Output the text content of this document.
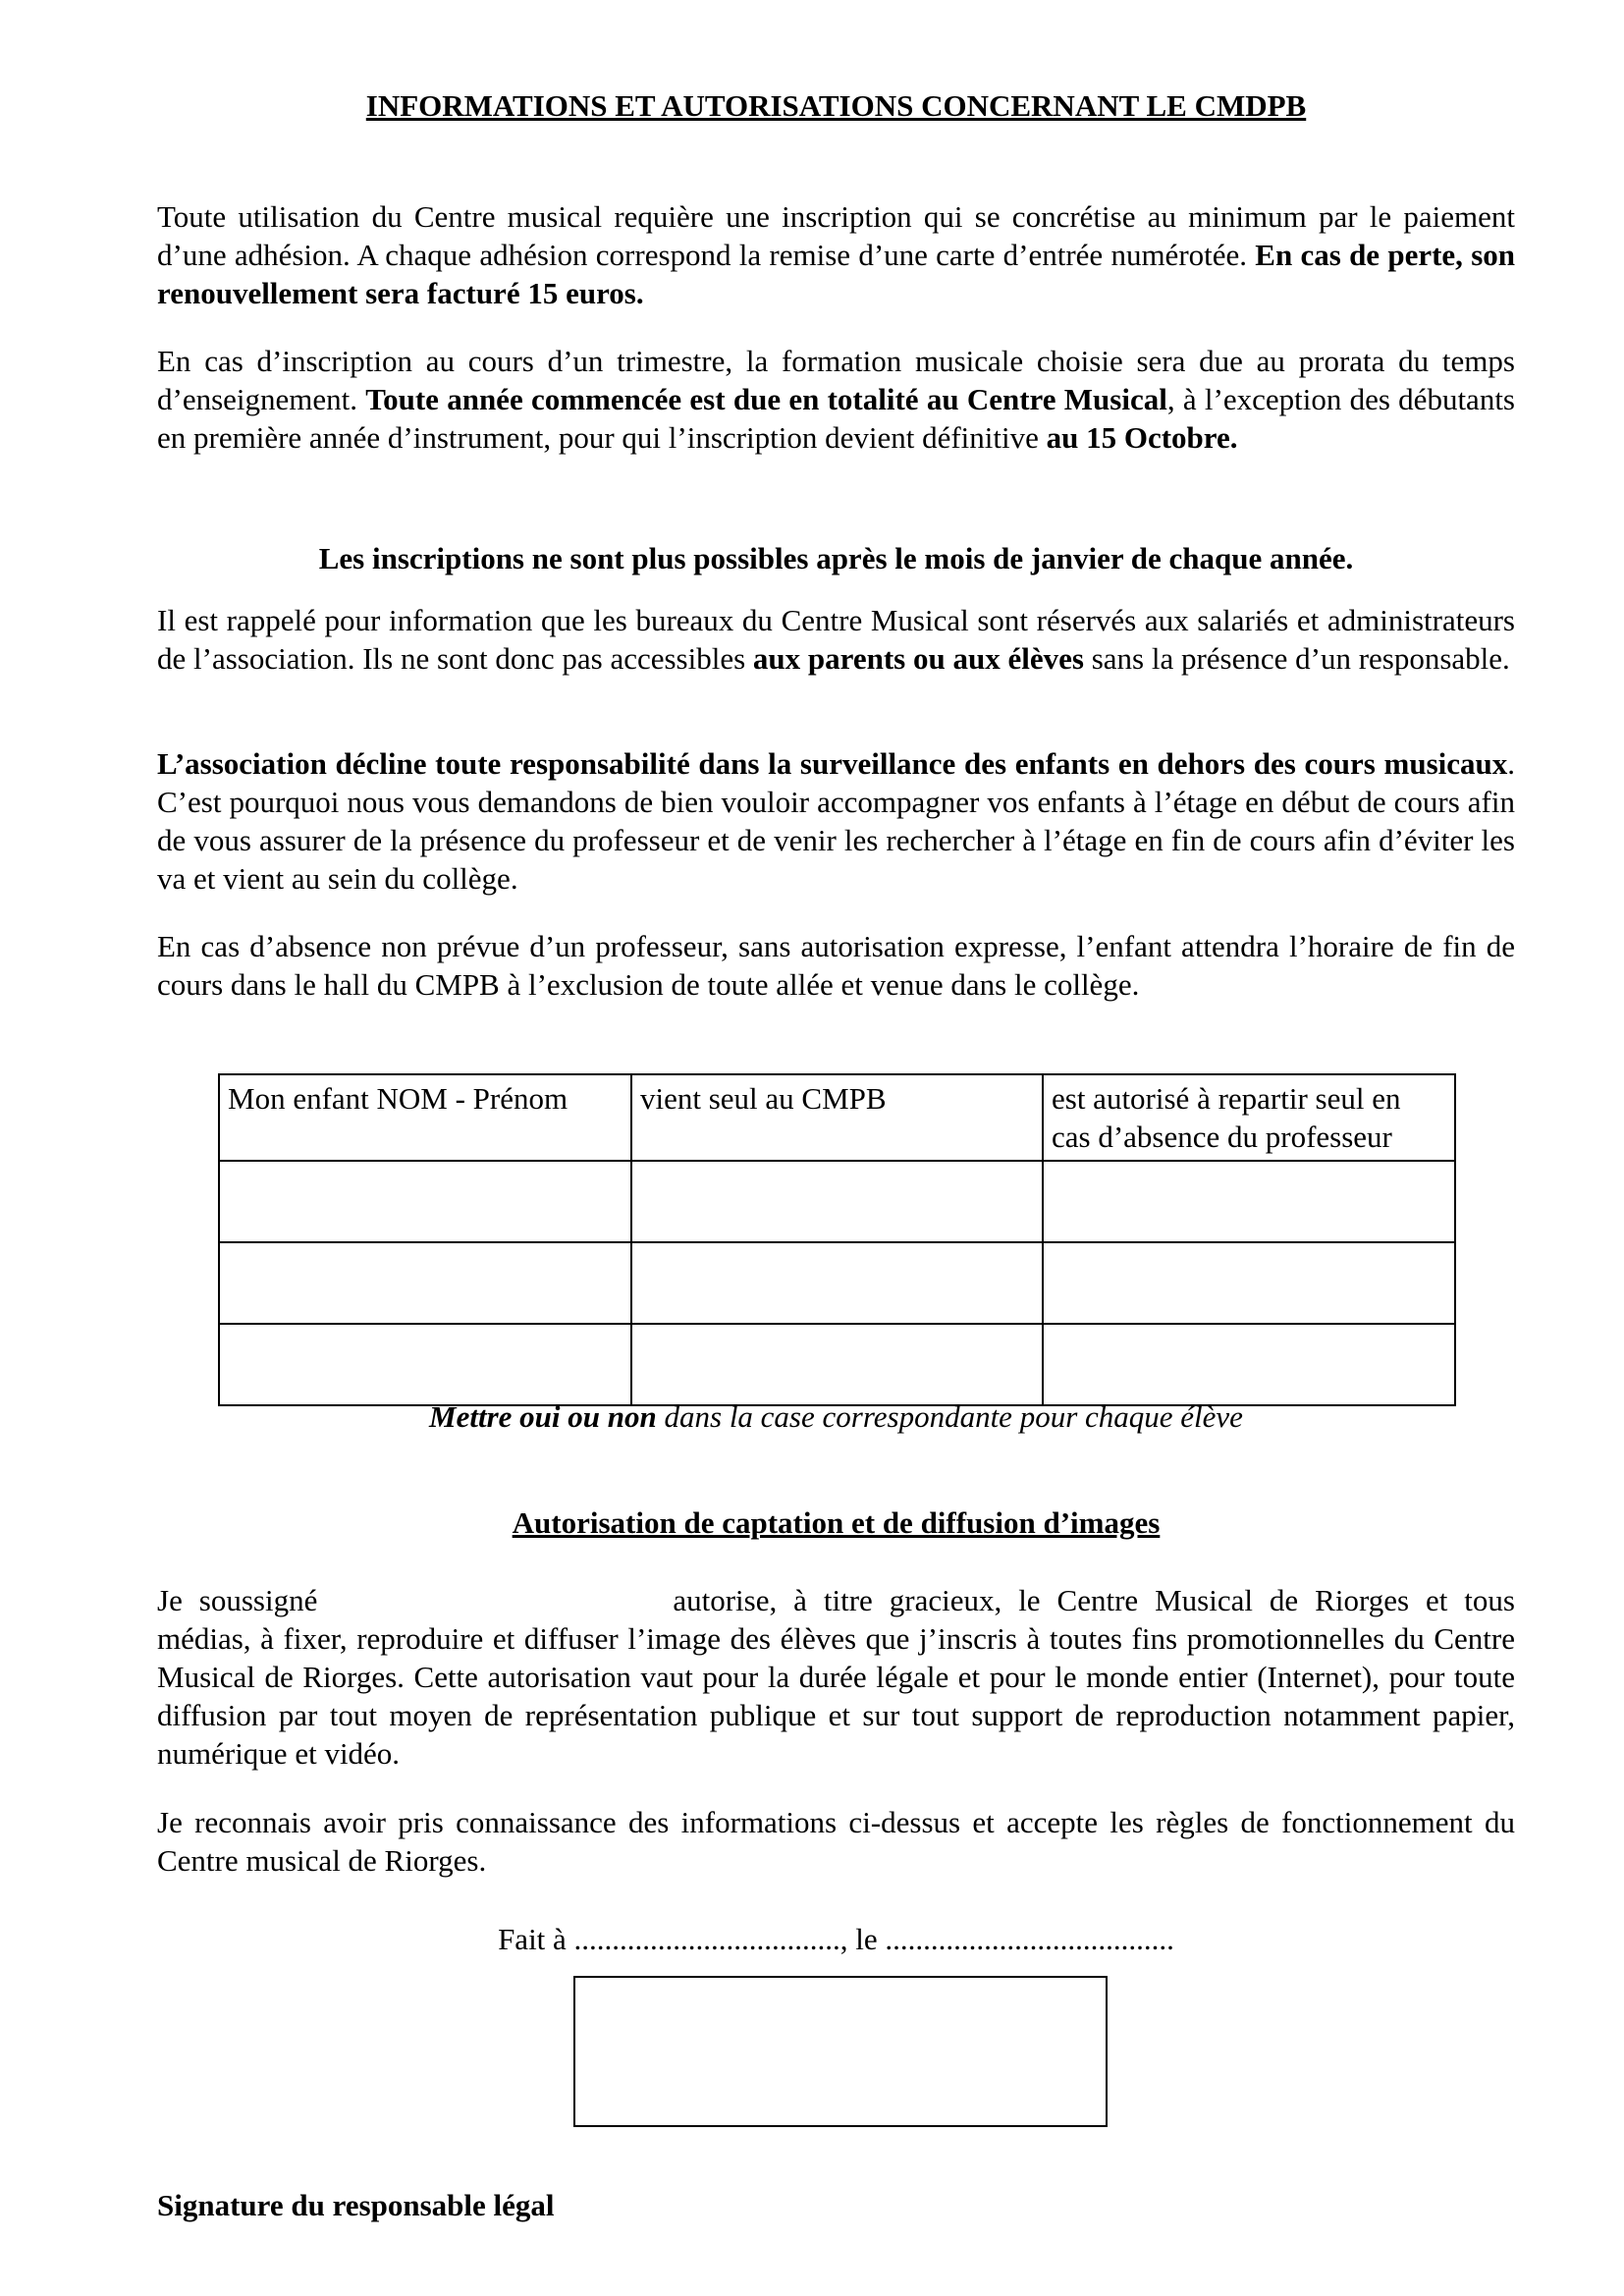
INFORMATIONS ET AUTORISATIONS CONCERNANT LE CMDPB

Toute utilisation du Centre musical requière une inscription qui se concrétise au minimum par le paiement d’une adhésion. A chaque adhésion correspond la remise d’une carte d’entrée numérotée. En cas de perte, son renouvellement sera facturé 15 euros.

En cas d’inscription au cours d’un trimestre, la formation musicale choisie sera due au prorata du temps d’enseignement. Toute année commencée est due en totalité au Centre Musical, à l’exception des débutants en première année d’instrument, pour qui l’inscription devient définitive au 15 Octobre.

Les inscriptions ne sont plus possibles après le mois de janvier de chaque année.

Il est rappelé pour information que les bureaux du Centre Musical sont réservés aux salariés et administrateurs de l’association. Ils ne sont donc pas accessibles aux parents ou aux élèves sans la présence d’un responsable.

L’association décline toute responsabilité dans la surveillance des enfants en dehors des cours musicaux. C’est pourquoi nous vous demandons de bien vouloir accompagner vos enfants à l’étage en début de cours afin de vous assurer de la présence du professeur et de venir les rechercher à l’étage en fin de cours afin d’éviter les va et vient au sein du collège.

En cas d’absence non prévue d’un professeur, sans autorisation expresse, l’enfant attendra l’horaire de fin de cours dans le hall du CMPB à l’exclusion de toute allée et venue dans le collège.

Mon enfant NOM - Prénom	vient seul au CMPB	est autorisé à repartir seul en cas d’absence du professeur

Mettre oui ou non dans la case correspondante pour chaque élève
Autorisation de captation et de diffusion d’images

Je soussigné	autorise, à titre gracieux, le Centre Musical de Riorges et tous médias, à fixer, reproduire et diffuser l’image des élèves que j’inscris à toutes fins promotionnelles du Centre Musical de Riorges. Cette autorisation vaut pour la durée légale et pour le monde entier (Internet), pour toute diffusion par tout moyen de représentation publique et sur tout support de reproduction notamment papier, numérique et vidéo.

Je reconnais avoir pris connaissance des informations ci-dessus et accepte les règles de fonctionnement du Centre musical de Riorges.

Fait à ..................................., le ......................................
Signature du responsable légal
